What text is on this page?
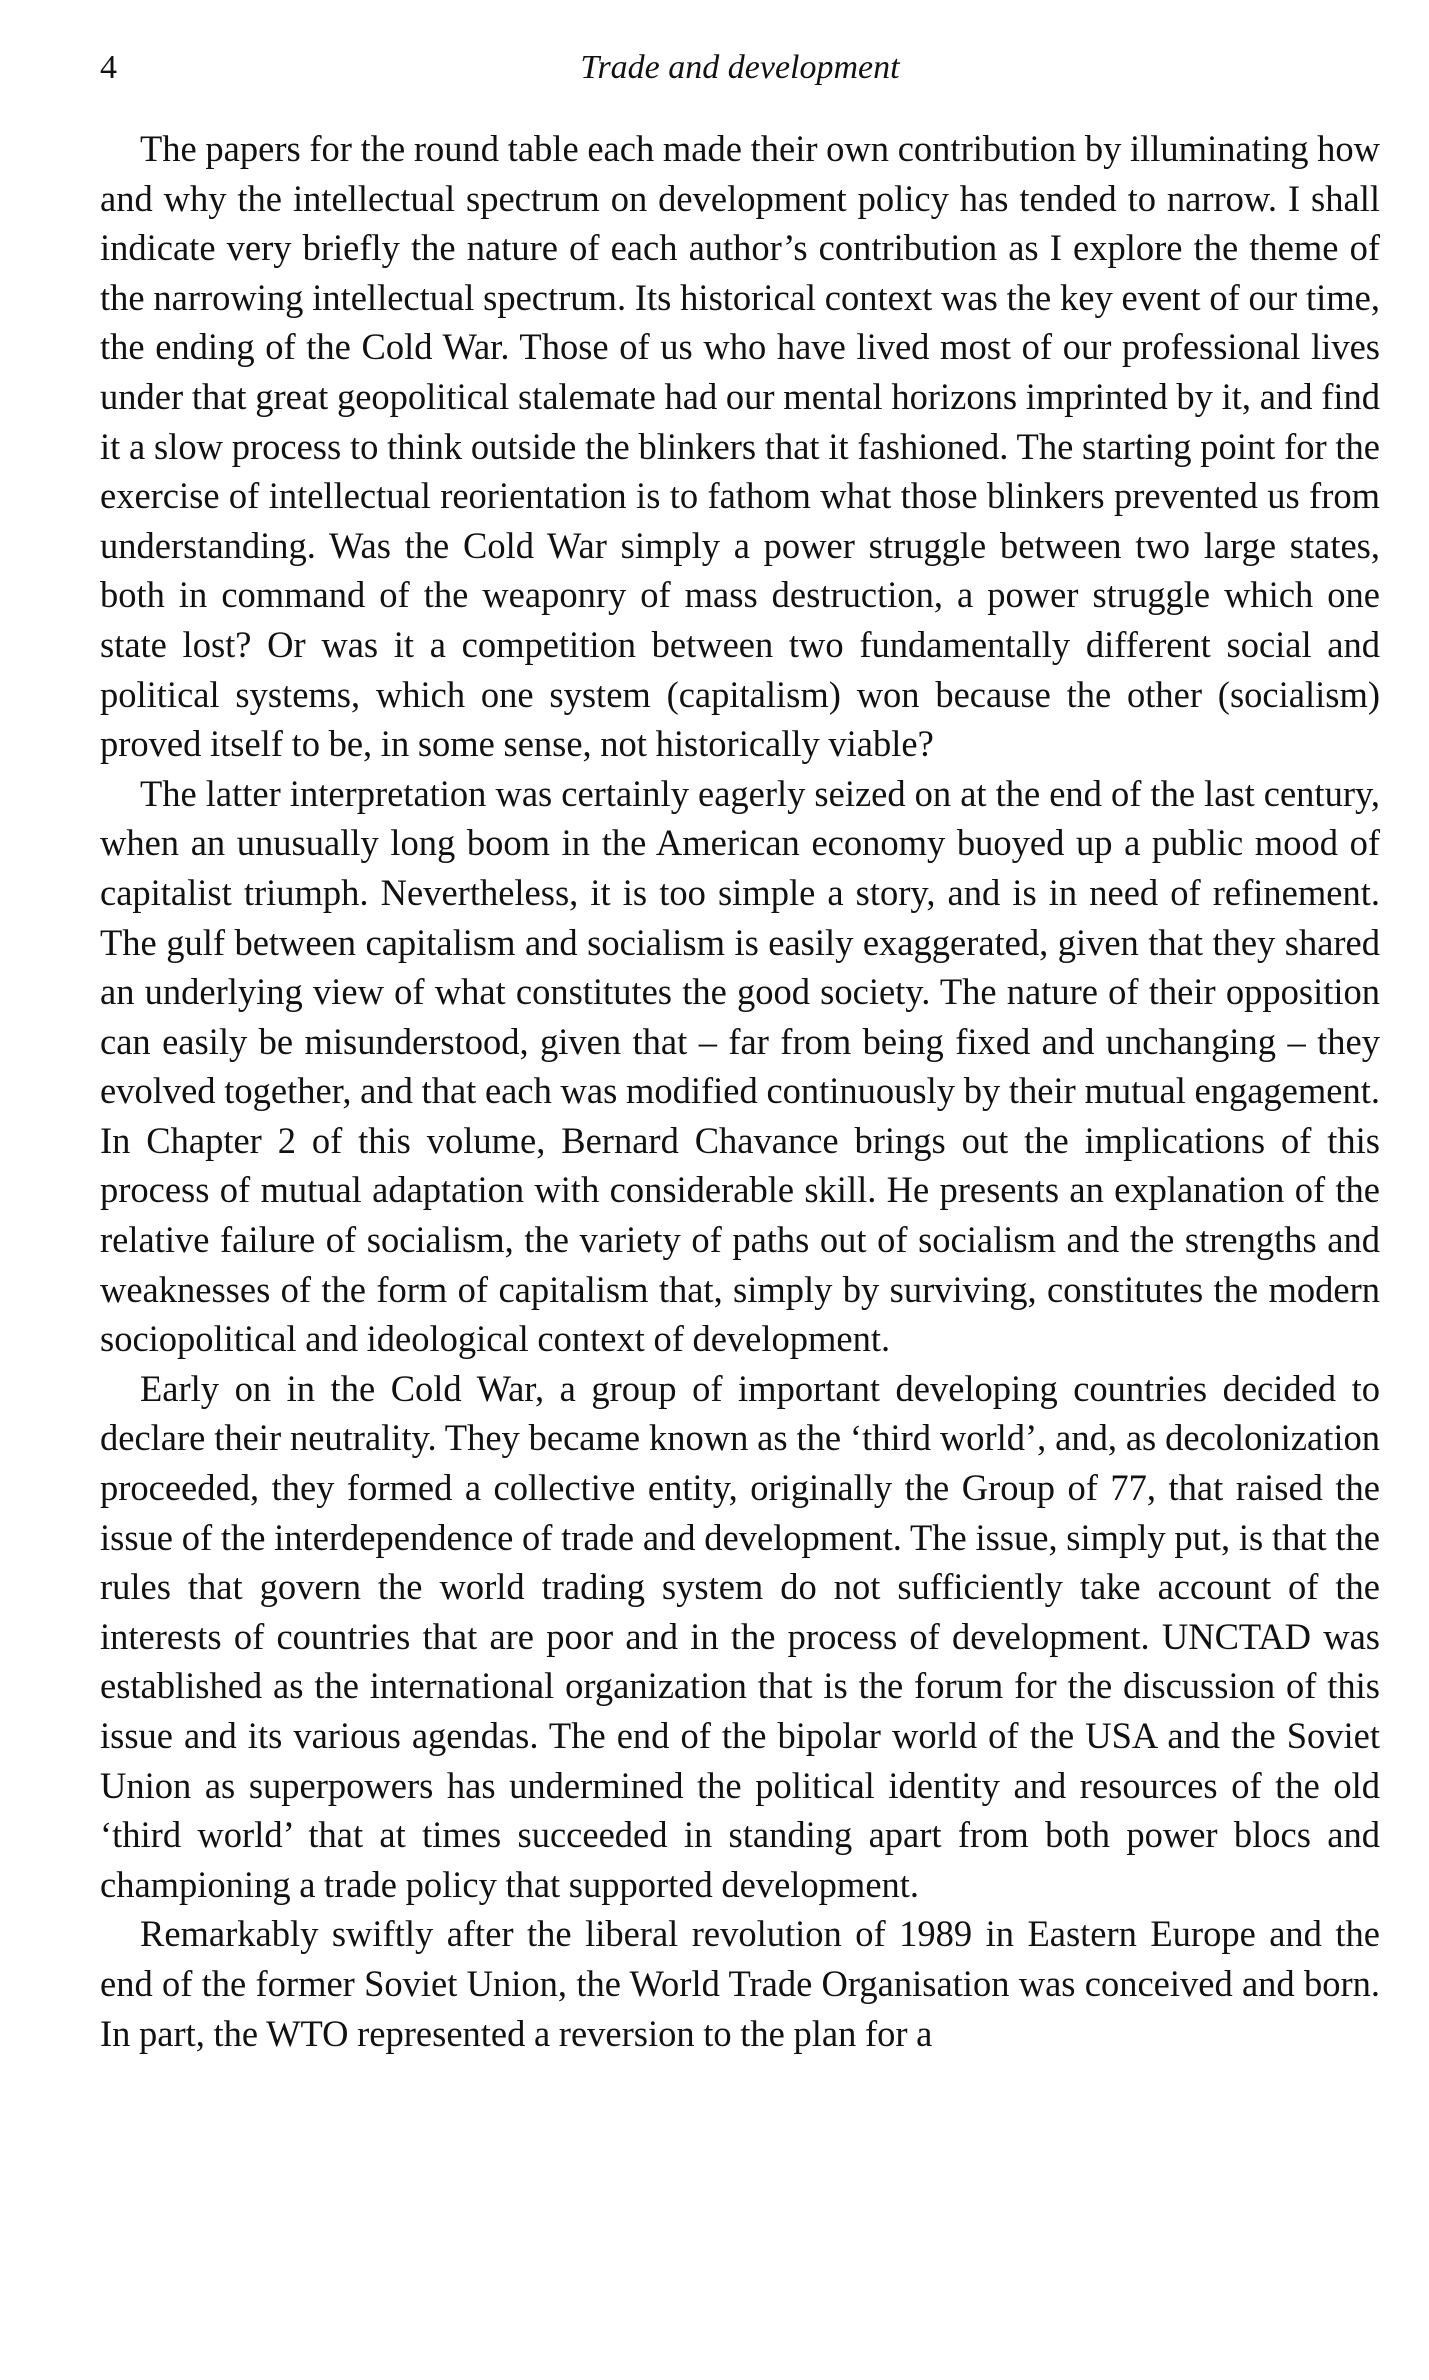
4	Trade and development

The papers for the round table each made their own contribution by illuminating how and why the intellectual spectrum on development policy has tended to narrow. I shall indicate very briefly the nature of each author’s contribution as I explore the theme of the narrowing intellectual spectrum. Its historical context was the key event of our time, the ending of the Cold War. Those of us who have lived most of our professional lives under that great geopolitical stalemate had our mental horizons imprinted by it, and find it a slow process to think outside the blinkers that it fashioned. The starting point for the exercise of intellectual reorientation is to fathom what those blinkers prevented us from understanding. Was the Cold War simply a power struggle between two large states, both in command of the weaponry of mass destruction, a power struggle which one state lost? Or was it a competition between two fundamentally different social and political systems, which one system (capitalism) won because the other (socialism) proved itself to be, in some sense, not historically viable?

The latter interpretation was certainly eagerly seized on at the end of the last century, when an unusually long boom in the American economy buoyed up a public mood of capitalist triumph. Nevertheless, it is too simple a story, and is in need of refinement. The gulf between capitalism and socialism is easily exaggerated, given that they shared an underlying view of what constitutes the good society. The nature of their opposition can easily be misunderstood, given that – far from being fixed and unchanging – they evolved together, and that each was modified continuously by their mutual engagement. In Chapter 2 of this volume, Bernard Chavance brings out the implications of this process of mutual adaptation with considerable skill. He presents an explanation of the relative failure of socialism, the variety of paths out of socialism and the strengths and weaknesses of the form of capitalism that, simply by surviving, constitutes the modern sociopolitical and ideological context of development.

Early on in the Cold War, a group of important developing countries decided to declare their neutrality. They became known as the ‘third world’, and, as decolonization proceeded, they formed a collective entity, originally the Group of 77, that raised the issue of the interdependence of trade and development. The issue, simply put, is that the rules that govern the world trading system do not sufficiently take account of the interests of countries that are poor and in the process of development. UNCTAD was established as the international organization that is the forum for the discussion of this issue and its various agendas. The end of the bipolar world of the USA and the Soviet Union as superpowers has undermined the political identity and resources of the old ‘third world’ that at times succeeded in standing apart from both power blocs and championing a trade policy that supported development.

Remarkably swiftly after the liberal revolution of 1989 in Eastern Europe and the end of the former Soviet Union, the World Trade Organisation was conceived and born. In part, the WTO represented a reversion to the plan for a
